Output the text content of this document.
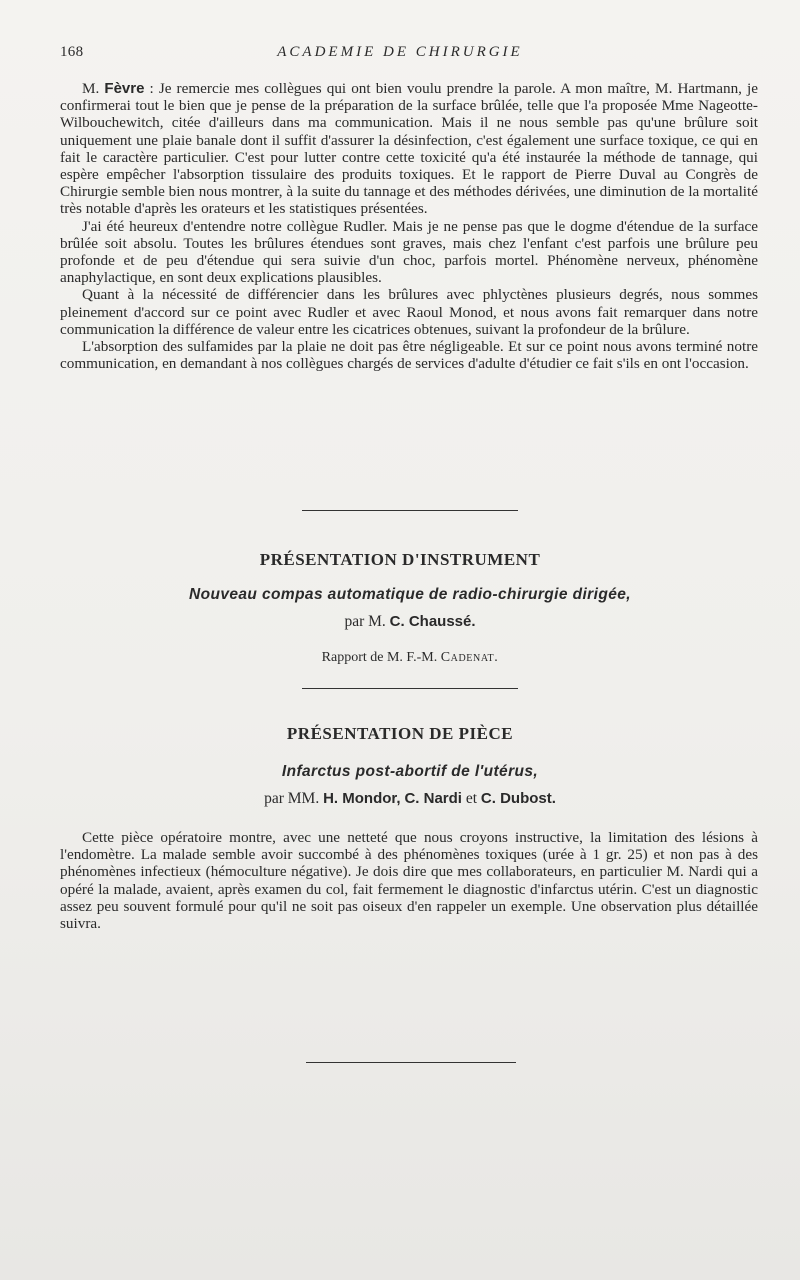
168	ACADEMIE DE CHIRURGIE

M. Fèvre : Je remercie mes collègues qui ont bien voulu prendre la parole. A mon maître, M. Hartmann, je confirmerai tout le bien que je pense de la préparation de la surface brûlée, telle que l'a proposée Mme Nageotte-Wilbouchewitch, citée d'ailleurs dans ma communication. Mais il ne nous semble pas qu'une brûlure soit uniquement une plaie banale dont il suffit d'assurer la désinfection, c'est également une surface toxique, ce qui en fait le caractère particulier. C'est pour lutter contre cette toxicité qu'a été instaurée la méthode de tannage, qui espère empêcher l'absorption tissulaire des produits toxiques. Et le rapport de Pierre Duval au Congrès de Chirurgie semble bien nous montrer, à la suite du tannage et des méthodes dérivées, une diminution de la mortalité très notable d'après les orateurs et les statistiques présentées.

J'ai été heureux d'entendre notre collègue Rudler. Mais je ne pense pas que le dogme d'étendue de la surface brûlée soit absolu. Toutes les brûlures étendues sont graves, mais chez l'enfant c'est parfois une brûlure peu profonde et de peu d'étendue qui sera suivie d'un choc, parfois mortel. Phénomène nerveux, phénomène anaphylactique, en sont deux explications plausibles.

Quant à la nécessité de différencier dans les brûlures avec phlyctènes plusieurs degrés, nous sommes pleinement d'accord sur ce point avec Rudler et avec Raoul Monod, et nous avons fait remarquer dans notre communication la différence de valeur entre les cicatrices obtenues, suivant la profondeur de la brûlure.

L'absorption des sulfamides par la plaie ne doit pas être négligeable. Et sur ce point nous avons terminé notre communication, en demandant à nos collègues chargés de services d'adulte d'étudier ce fait s'ils en ont l'occasion.

PRÉSENTATION D'INSTRUMENT
Nouveau compas automatique de radio-chirurgie dirigée,
par M. C. Chaussé.
Rapport de M. F.-M. Cadenat.
PRÉSENTATION DE PIÈCE
Infarctus post-abortif de l'utérus,
par MM. H. Mondor, C. Nardi et C. Dubost.

Cette pièce opératoire montre, avec une netteté que nous croyons instructive, la limitation des lésions à l'endomètre. La malade semble avoir succombé à des phénomènes toxiques (urée à 1 gr. 25) et non pas à des phénomènes infectieux (hémoculture négative). Je dois dire que mes collaborateurs, en particulier M. Nardi qui a opéré la malade, avaient, après examen du col, fait fermement le diagnostic d'infarctus utérin. C'est un diagnostic assez peu souvent formulé pour qu'il ne soit pas oiseux d'en rappeler un exemple. Une observation plus détaillée suivra.
